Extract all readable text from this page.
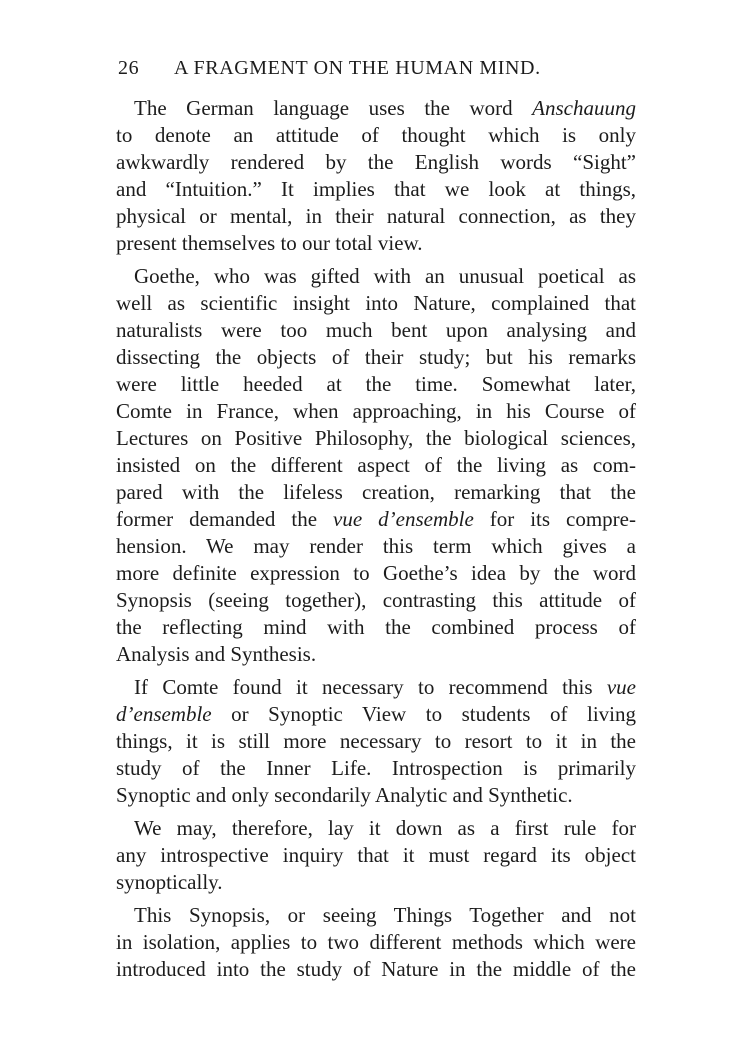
26 A FRAGMENT ON THE HUMAN MIND.
The German language uses the word Anschauung
to denote an attitude of thought which is only
awkwardly rendered by the English words “Sight”
and “Intuition.” It implies that we look at things,
physical or mental, in their natural connection, as they
present themselves to our total view.
Goethe, who was gifted with an unusual poetical as
well as scientific insight into Nature, complained that
naturalists were too much bent upon analysing and
dissecting the objects of their study; but his remarks
were little heeded at the time. Somewhat later,
Comte in France, when approaching, in his Course of
Lectures on Positive Philosophy, the biological sciences,
insisted on the different aspect of the living as com-
pared with the lifeless creation, remarking that the
former demanded the vue d’ensemble for its compre-
hension. We may render this term which gives a
more definite expression to Goethe’s idea by the word
Synopsis (seeing together), contrasting this attitude of
the reflecting mind with the combined process of
Analysis and Synthesis.
If Comte found it necessary to recommend this vue
d’ensemble or Synoptic View to students of living
things, it is still more necessary to resort to it in the
study of the Inner Life. Introspection is primarily
Synoptic and only secondarily Analytic and Synthetic.
We may, therefore, lay it down as a first rule for
any introspective inquiry that it must regard its object
synoptically.
This Synopsis, or seeing Things Together and not
in isolation, applies to two different methods which were
introduced into the study of Nature in the middle of the
